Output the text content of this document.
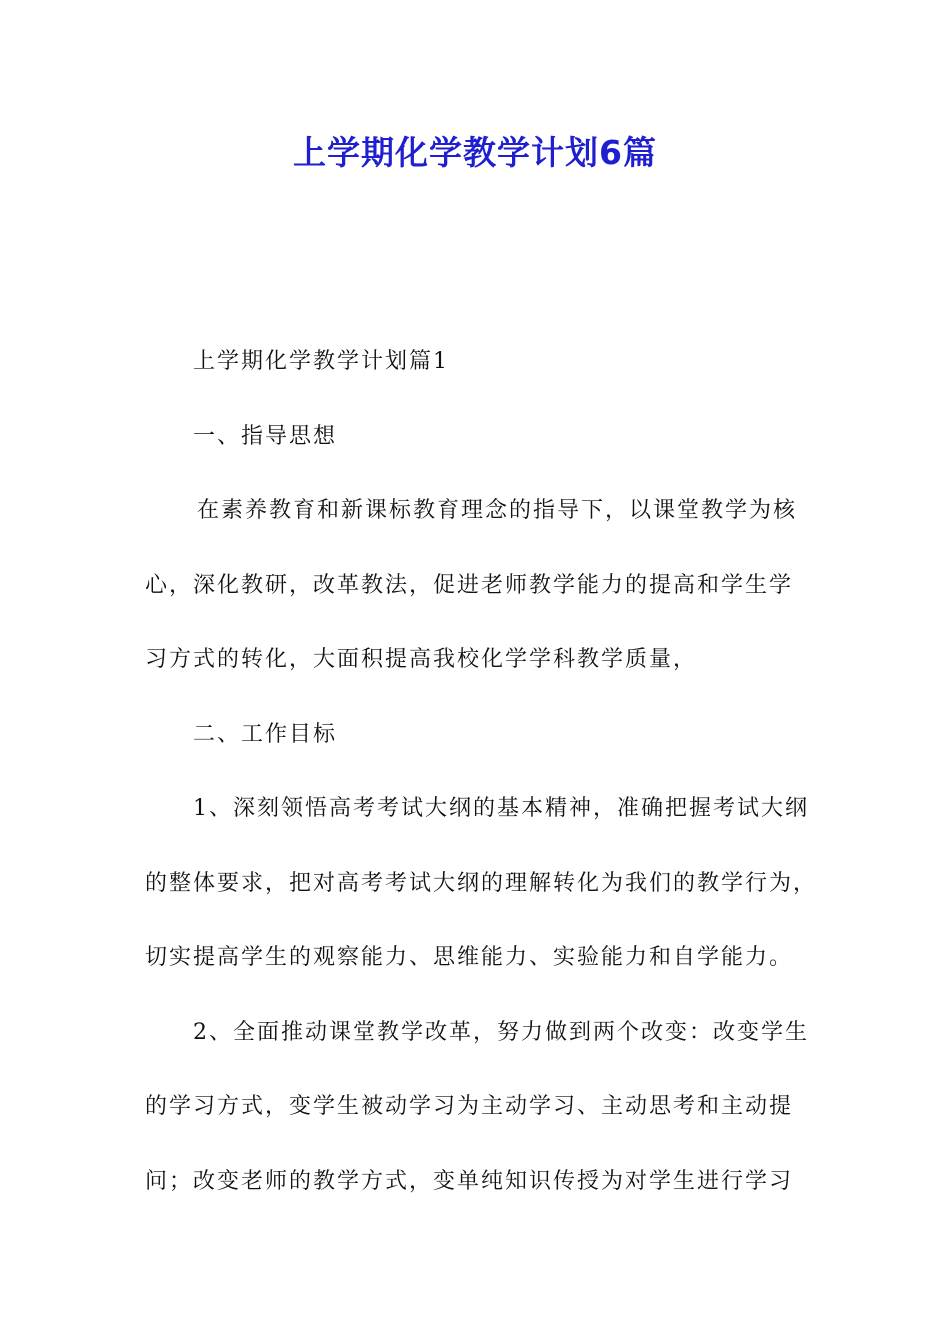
上学期化学教学计划6篇
上学期化学教学计划篇1
一、指导思想
在素养教育和新课标教育理念的指导下，以课堂教学为核
心，深化教研，改革教法，促进老师教学能力的提高和学生学
习方式的转化，大面积提高我校化学学科教学质量，
二、工作目标
1、深刻领悟高考考试大纲的基本精神，准确把握考试大纲
的整体要求，把对高考考试大纲的理解转化为我们的教学行为，
切实提高学生的观察能力、思维能力、实验能力和自学能力。
2、全面推动课堂教学改革，努力做到两个改变：改变学生
的学习方式，变学生被动学习为主动学习、主动思考和主动提
问；改变老师的教学方式，变单纯知识传授为对学生进行学习
